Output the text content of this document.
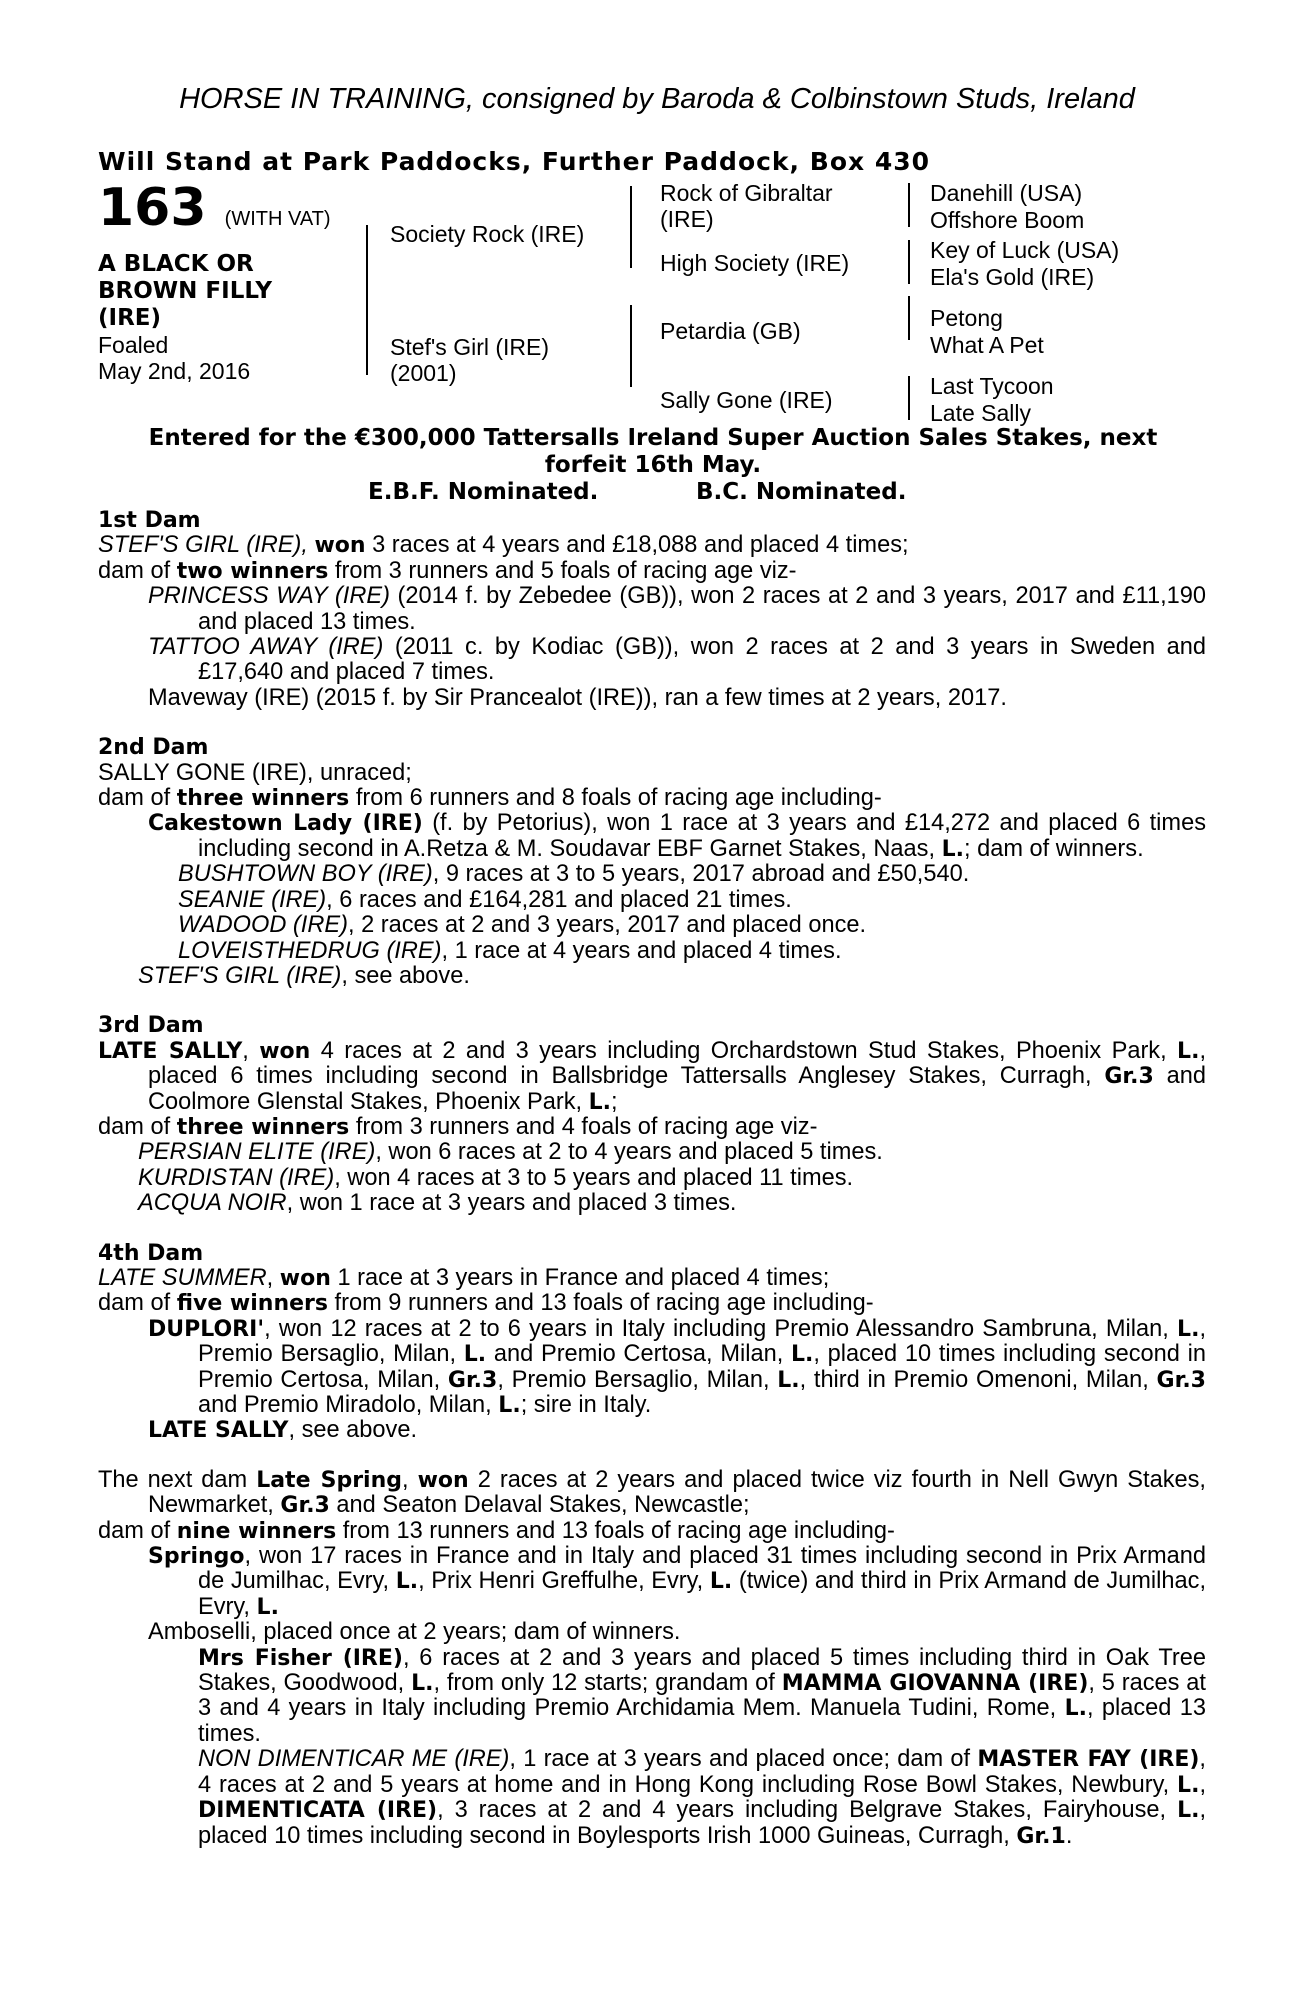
HORSE IN TRAINING, consigned by Baroda & Colbinstown Studs, Ireland
Will Stand at Park Paddocks, Further Paddock, Box 430
163 (WITH VAT)
A BLACK OR
BROWN FILLY
(IRE)
Foaled
May 2nd, 2016
Society Rock (IRE)
Stef's Girl (IRE)
(2001)
Rock of Gibraltar
(IRE)
High Society (IRE)
Petardia (GB)
Sally Gone (IRE)
Danehill (USA)
Offshore Boom
Key of Luck (USA)
Ela's Gold (IRE)
Petong
What A Pet
Last Tycoon
Late Sally
Entered for the €300,000 Tattersalls Ireland Super Auction Sales Stakes, next
forfeit 16th May.
E.B.F. Nominated.	B.C. Nominated.
1st Dam
STEF'S GIRL (IRE), won 3 races at 4 years and £18,088 and placed 4 times;
dam of two winners from 3 runners and 5 foals of racing age viz-
PRINCESS WAY (IRE) (2014 f. by Zebedee (GB)), won 2 races at 2 and 3 years, 2017 and £11,190 and placed 13 times.
TATTOO AWAY (IRE) (2011 c. by Kodiac (GB)), won 2 races at 2 and 3 years in Sweden and £17,640 and placed 7 times.
Maveway (IRE) (2015 f. by Sir Prancealot (IRE)), ran a few times at 2 years, 2017.
2nd Dam
SALLY GONE (IRE), unraced;
dam of three winners from 6 runners and 8 foals of racing age including-
Cakestown Lady (IRE) (f. by Petorius), won 1 race at 3 years and £14,272 and placed 6 times including second in A.Retza & M. Soudavar EBF Garnet Stakes, Naas, L.; dam of winners.
BUSHTOWN BOY (IRE), 9 races at 3 to 5 years, 2017 abroad and £50,540.
SEANIE (IRE), 6 races and £164,281 and placed 21 times.
WADOOD (IRE), 2 races at 2 and 3 years, 2017 and placed once.
LOVEISTHEDRUG (IRE), 1 race at 4 years and placed 4 times.
STEF'S GIRL (IRE), see above.
3rd Dam
LATE SALLY, won 4 races at 2 and 3 years including Orchardstown Stud Stakes, Phoenix Park, L., placed 6 times including second in Ballsbridge Tattersalls Anglesey Stakes, Curragh, Gr.3 and Coolmore Glenstal Stakes, Phoenix Park, L.;
dam of three winners from 3 runners and 4 foals of racing age viz-
PERSIAN ELITE (IRE), won 6 races at 2 to 4 years and placed 5 times.
KURDISTAN (IRE), won 4 races at 3 to 5 years and placed 11 times.
ACQUA NOIR, won 1 race at 3 years and placed 3 times.
4th Dam
LATE SUMMER, won 1 race at 3 years in France and placed 4 times;
dam of five winners from 9 runners and 13 foals of racing age including-
DUPLORI', won 12 races at 2 to 6 years in Italy including Premio Alessandro Sambruna, Milan, L., Premio Bersaglio, Milan, L. and Premio Certosa, Milan, L., placed 10 times including second in Premio Certosa, Milan, Gr.3, Premio Bersaglio, Milan, L., third in Premio Omenoni, Milan, Gr.3 and Premio Miradolo, Milan, L.; sire in Italy.
LATE SALLY, see above.
The next dam Late Spring, won 2 races at 2 years and placed twice viz fourth in Nell Gwyn Stakes, Newmarket, Gr.3 and Seaton Delaval Stakes, Newcastle;
dam of nine winners from 13 runners and 13 foals of racing age including-
Springo, won 17 races in France and in Italy and placed 31 times including second in Prix Armand de Jumilhac, Evry, L., Prix Henri Greffulhe, Evry, L. (twice) and third in Prix Armand de Jumilhac, Evry, L.
Amboselli, placed once at 2 years; dam of winners.
Mrs Fisher (IRE), 6 races at 2 and 3 years and placed 5 times including third in Oak Tree Stakes, Goodwood, L., from only 12 starts; grandam of MAMMA GIOVANNA (IRE), 5 races at 3 and 4 years in Italy including Premio Archidamia Mem. Manuela Tudini, Rome, L., placed 13 times.
NON DIMENTICAR ME (IRE), 1 race at 3 years and placed once; dam of MASTER FAY (IRE), 4 races at 2 and 5 years at home and in Hong Kong including Rose Bowl Stakes, Newbury, L., DIMENTICATA (IRE), 3 races at 2 and 4 years including Belgrave Stakes, Fairyhouse, L., placed 10 times including second in Boylesports Irish 1000 Guineas, Curragh, Gr.1.
